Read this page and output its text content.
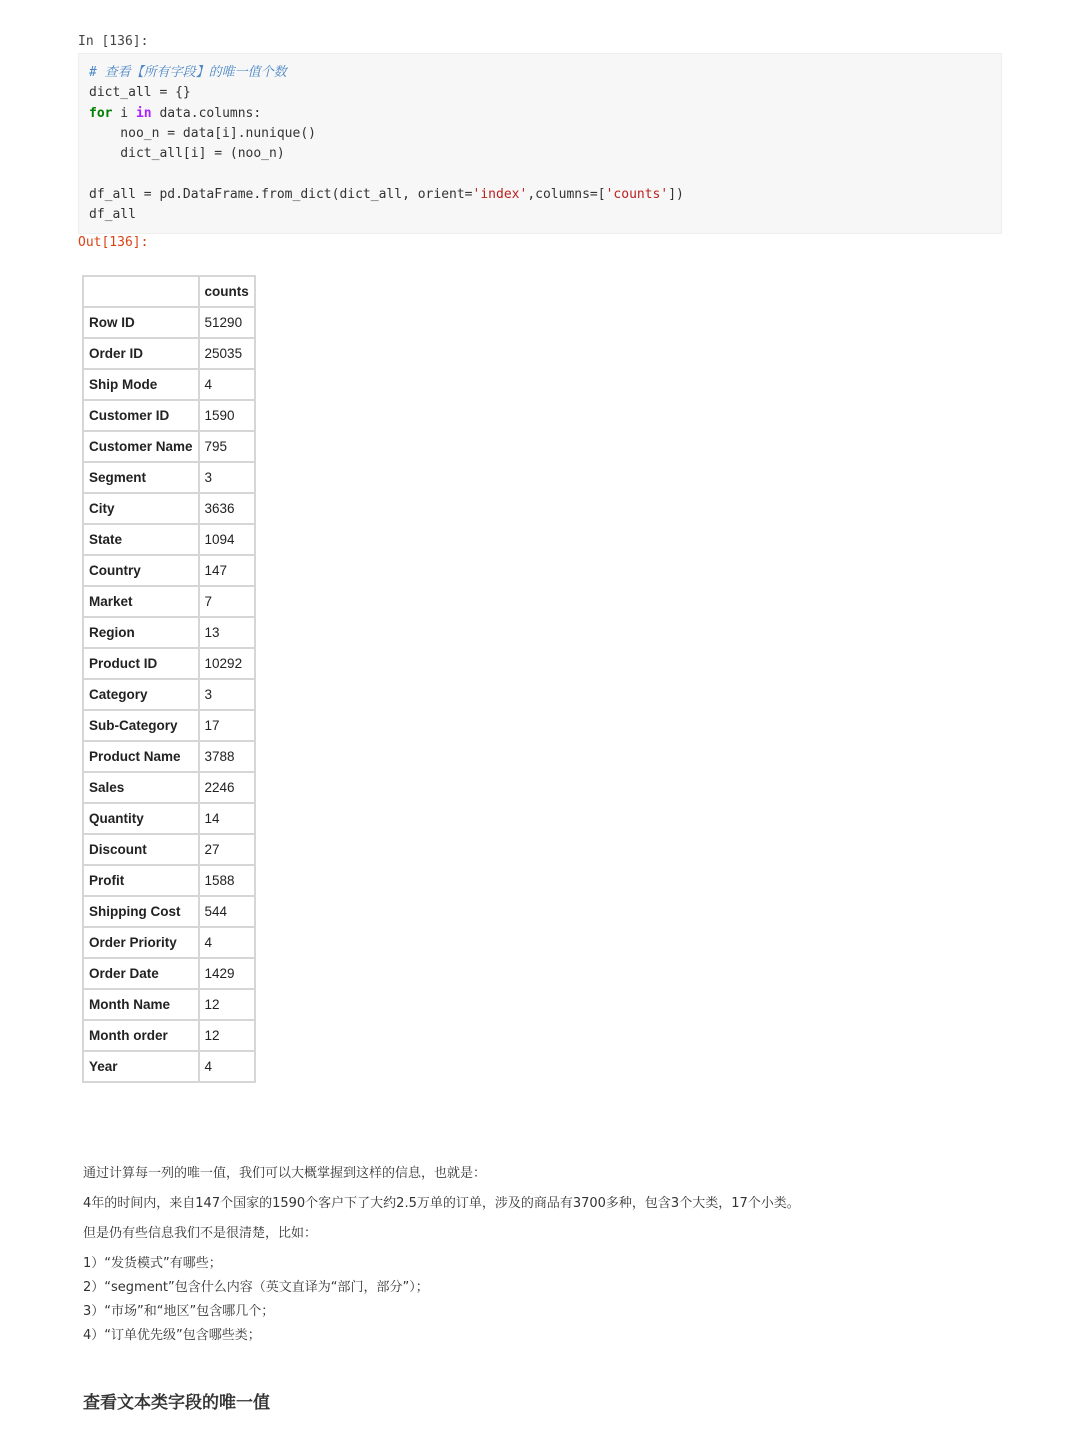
In [136]:
# 查看【所有字段】的唯一值个数
dict_all = {}
for i in data.columns:
noo_n = data[i].nunique()
dict_all[i] = (noo_n)

df_all = pd.DataFrame.from_dict(dict_all, orient='index',columns=['counts'])
df_all
Out[136]:
	counts
Row ID	51290
Order ID	25035
Ship Mode	4
Customer ID	1590
Customer Name	795
Segment	3
City	3636
State	1094
Country	147
Market	7
Region	13
Product ID	10292
Category	3
Sub-Category	17
Product Name	3788
Sales	2246
Quantity	14
Discount	27
Profit	1588
Shipping Cost	544
Order Priority	4
Order Date	1429
Month Name	12
Month order	12
Year	4

通过计算每一列的唯一值，我们可以大概掌握到这样的信息，也就是：

4年的时间内，来自147个国家的1590个客户下了大约2.5万单的订单，涉及的商品有3700多种，包含3个大类，17个小类。

但是仍有些信息我们不是很清楚，比如：

1）“发货模式”有哪些；

2）“segment”包含什么内容（英文直译为“部门，部分”）；

3）“市场”和“地区”包含哪几个；

4）“订单优先级”包含哪些类；

查看文本类字段的唯一值
